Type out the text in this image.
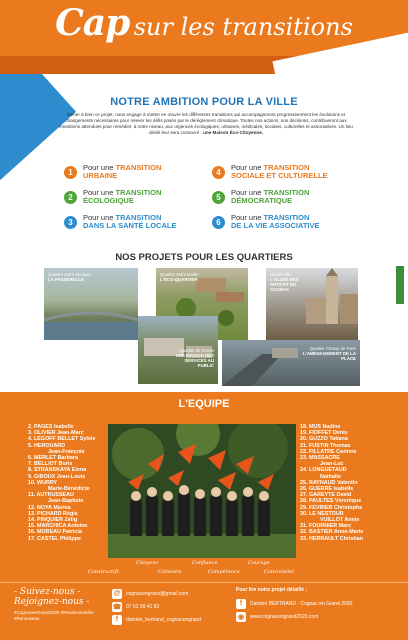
Cap sur les transitions
NOTRE AMBITION POUR LA VILLE
Mener à bien ce projet, nous engage à mettre en œuvre les différentes transitions qui accompagneront progressivement les évolutions et changements nécessaires pour relever les défis posés par le dérèglement climatique. Toutes nos actions, nos décisions, contribueront aux transitions attendues pour remédier, à notre niveau, aux urgences écologiques, urbaines, médicales, sociales, culturelles et associatives. Un lieu dédié leur sera consacré : une Maison Éco-Citoyenne.
1
Pour une TRANSITION
URBAINE
2
Pour une TRANSITION
ÉCOLOGIQUE
3
Pour une TRANSITION
DANS LA SANTÉ LOCALE
4
Pour une TRANSITION
SOCIALE ET CULTURELLE
5
Pour une TRANSITION
DÉMOCRATIQUE
6
Pour une TRANSITION
DE LA VIE ASSOCIATIVE
NOS PROJETS POUR LES QUARTIERS
Quartier Saint Jacques
LA PASSERELLE
Quartier Saint Martin
L'ÉCO-QUARTIER
Centre Ville
L'ALLÉE DES ARTS ET DU COGNAC
Quartier de Crouin
UNE MAISON DES SERVICES AU PUBLIC
Quartier Champ de Foire
L'AMÉNAGEMENT DE LA PLACE
L'EQUIPE
2. PAGES Isabelle
3. OLIVIER Jean-Marc
4. LEGOFF BELLET Sylvie
5. HEROUARD
Jean-François
6. MERLET Barbara
7. BELLIOT Boris
8. STRANSKAYA Elena
9. GIROUX Jean-Louis
10. WURRY
Marie-Bénédicte
11. AUTRUSSEAU
Jean-Baptiste
12. NOYA Marina
13. PICHARD Régis
14. PINQUIER Zélig
15. MARCHICA Antoine
16. MOREAU Patricia
17. CASTEL Philippe
18. MUS Nadine
19. FIOFFET Denis
20. GUZZO Tatiana
21. FUSTIN Thomas
22. FILLATRE Corinne
23. MASSACRE
Jean-Luc
24. LONGUETAUD
Nathalie
25. RAYNAUD Valentin
26. GUERRE Isabelle
27. GAREYTE David
28. PAULTES Véronique
29. FEVRIER Christophe
30. LE NESTOUR
VUILLOT Annie
31. FOURNIER Marc
32. BASTIER Anne-Marie
33. HERRAULT Christian
Citoyens	Confiance	Courage
Constructifs	Cohésion	Compétence	Convivialité
- Suivez-nous -
Rejoignez-nous -
#CognacenGrand2020 #Rendezmoiville #Renouveau
@	cognacengrand@gmail.com
☎ 07 62 99 41 82
f	damien_bertrand_cognacengrand
Pour lire notre projet détaillé :
f	Damien BERTRAND - Cognac en Grand 2020
◉	www.cognacengrand2020.com
